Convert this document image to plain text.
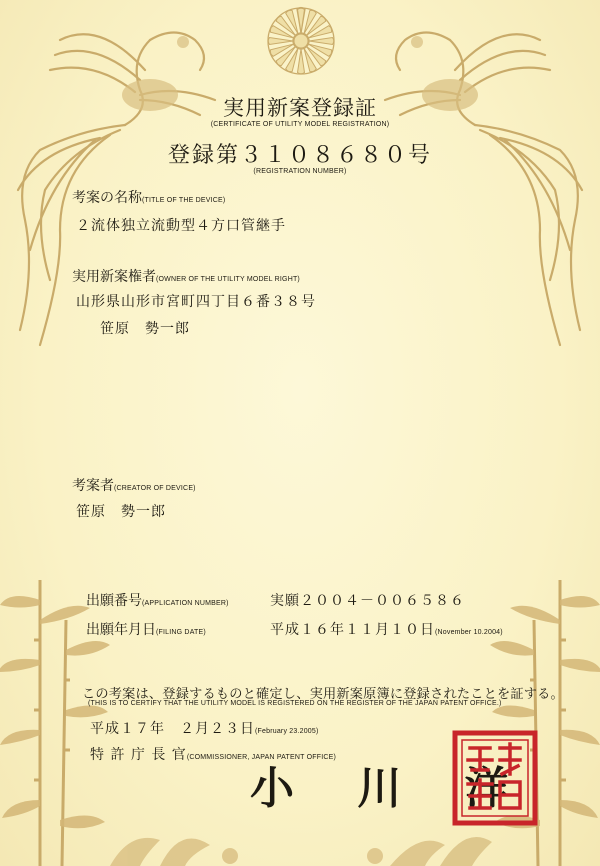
実用新案登録証
(CERTIFICATE OF UTILITY MODEL REGISTRATION)
登録第３１０８６８０号
(REGISTRATION NUMBER)
考案の名称(TITLE OF THE DEVICE)
２流体独立流動型４方口管継手
実用新案権者(OWNER OF THE UTILITY MODEL RIGHT)
山形県山形市宮町四丁目６番３８号
笹原　勢一郎
考案者(CREATOR OF DEVICE)
笹原　勢一郎
出願番号(APPLICATION NUMBER)	実願２００４－００６５８６
出願年月日(FILING DATE)	平成１６年１１月１０日(November 10.2004)
この考案は、登録するものと確定し、実用新案原簿に登録されたことを証する。
(THIS IS TO CERTIFY THAT THE UTILITY MODEL IS REGISTERED ON THE REGISTER OF THE JAPAN PATENT OFFICE.)
平成１７年　２月２３日(February 23.2005)
特 許 庁 長 官(COMMISSIONER, JAPAN PATENT OFFICE)
小 川 洋
